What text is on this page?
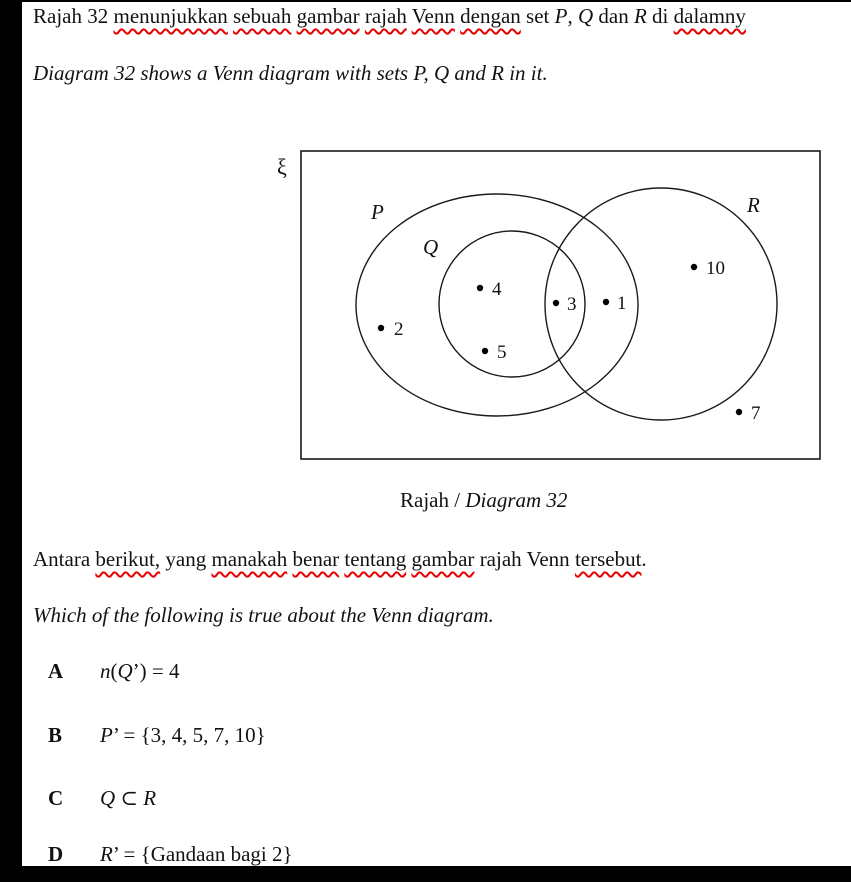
Rajah 32 menunjukkan sebuah gambar rajah Venn dengan set P, Q dan R di dalamny
Diagram 32 shows a Venn diagram with sets P, Q and R in it.
ξ
P
Q
R
4
3 1
2
5
10
7
Rajah / Diagram 32
Antara berikut, yang manakah benar tentang gambar rajah Venn tersebut.
Which of the following is true about the Venn diagram.
A n(Q’) = 4
B P’ = {3, 4, 5, 7, 10}
C Q ⊂ R
D R’ = {Gandaan bagi 2}
